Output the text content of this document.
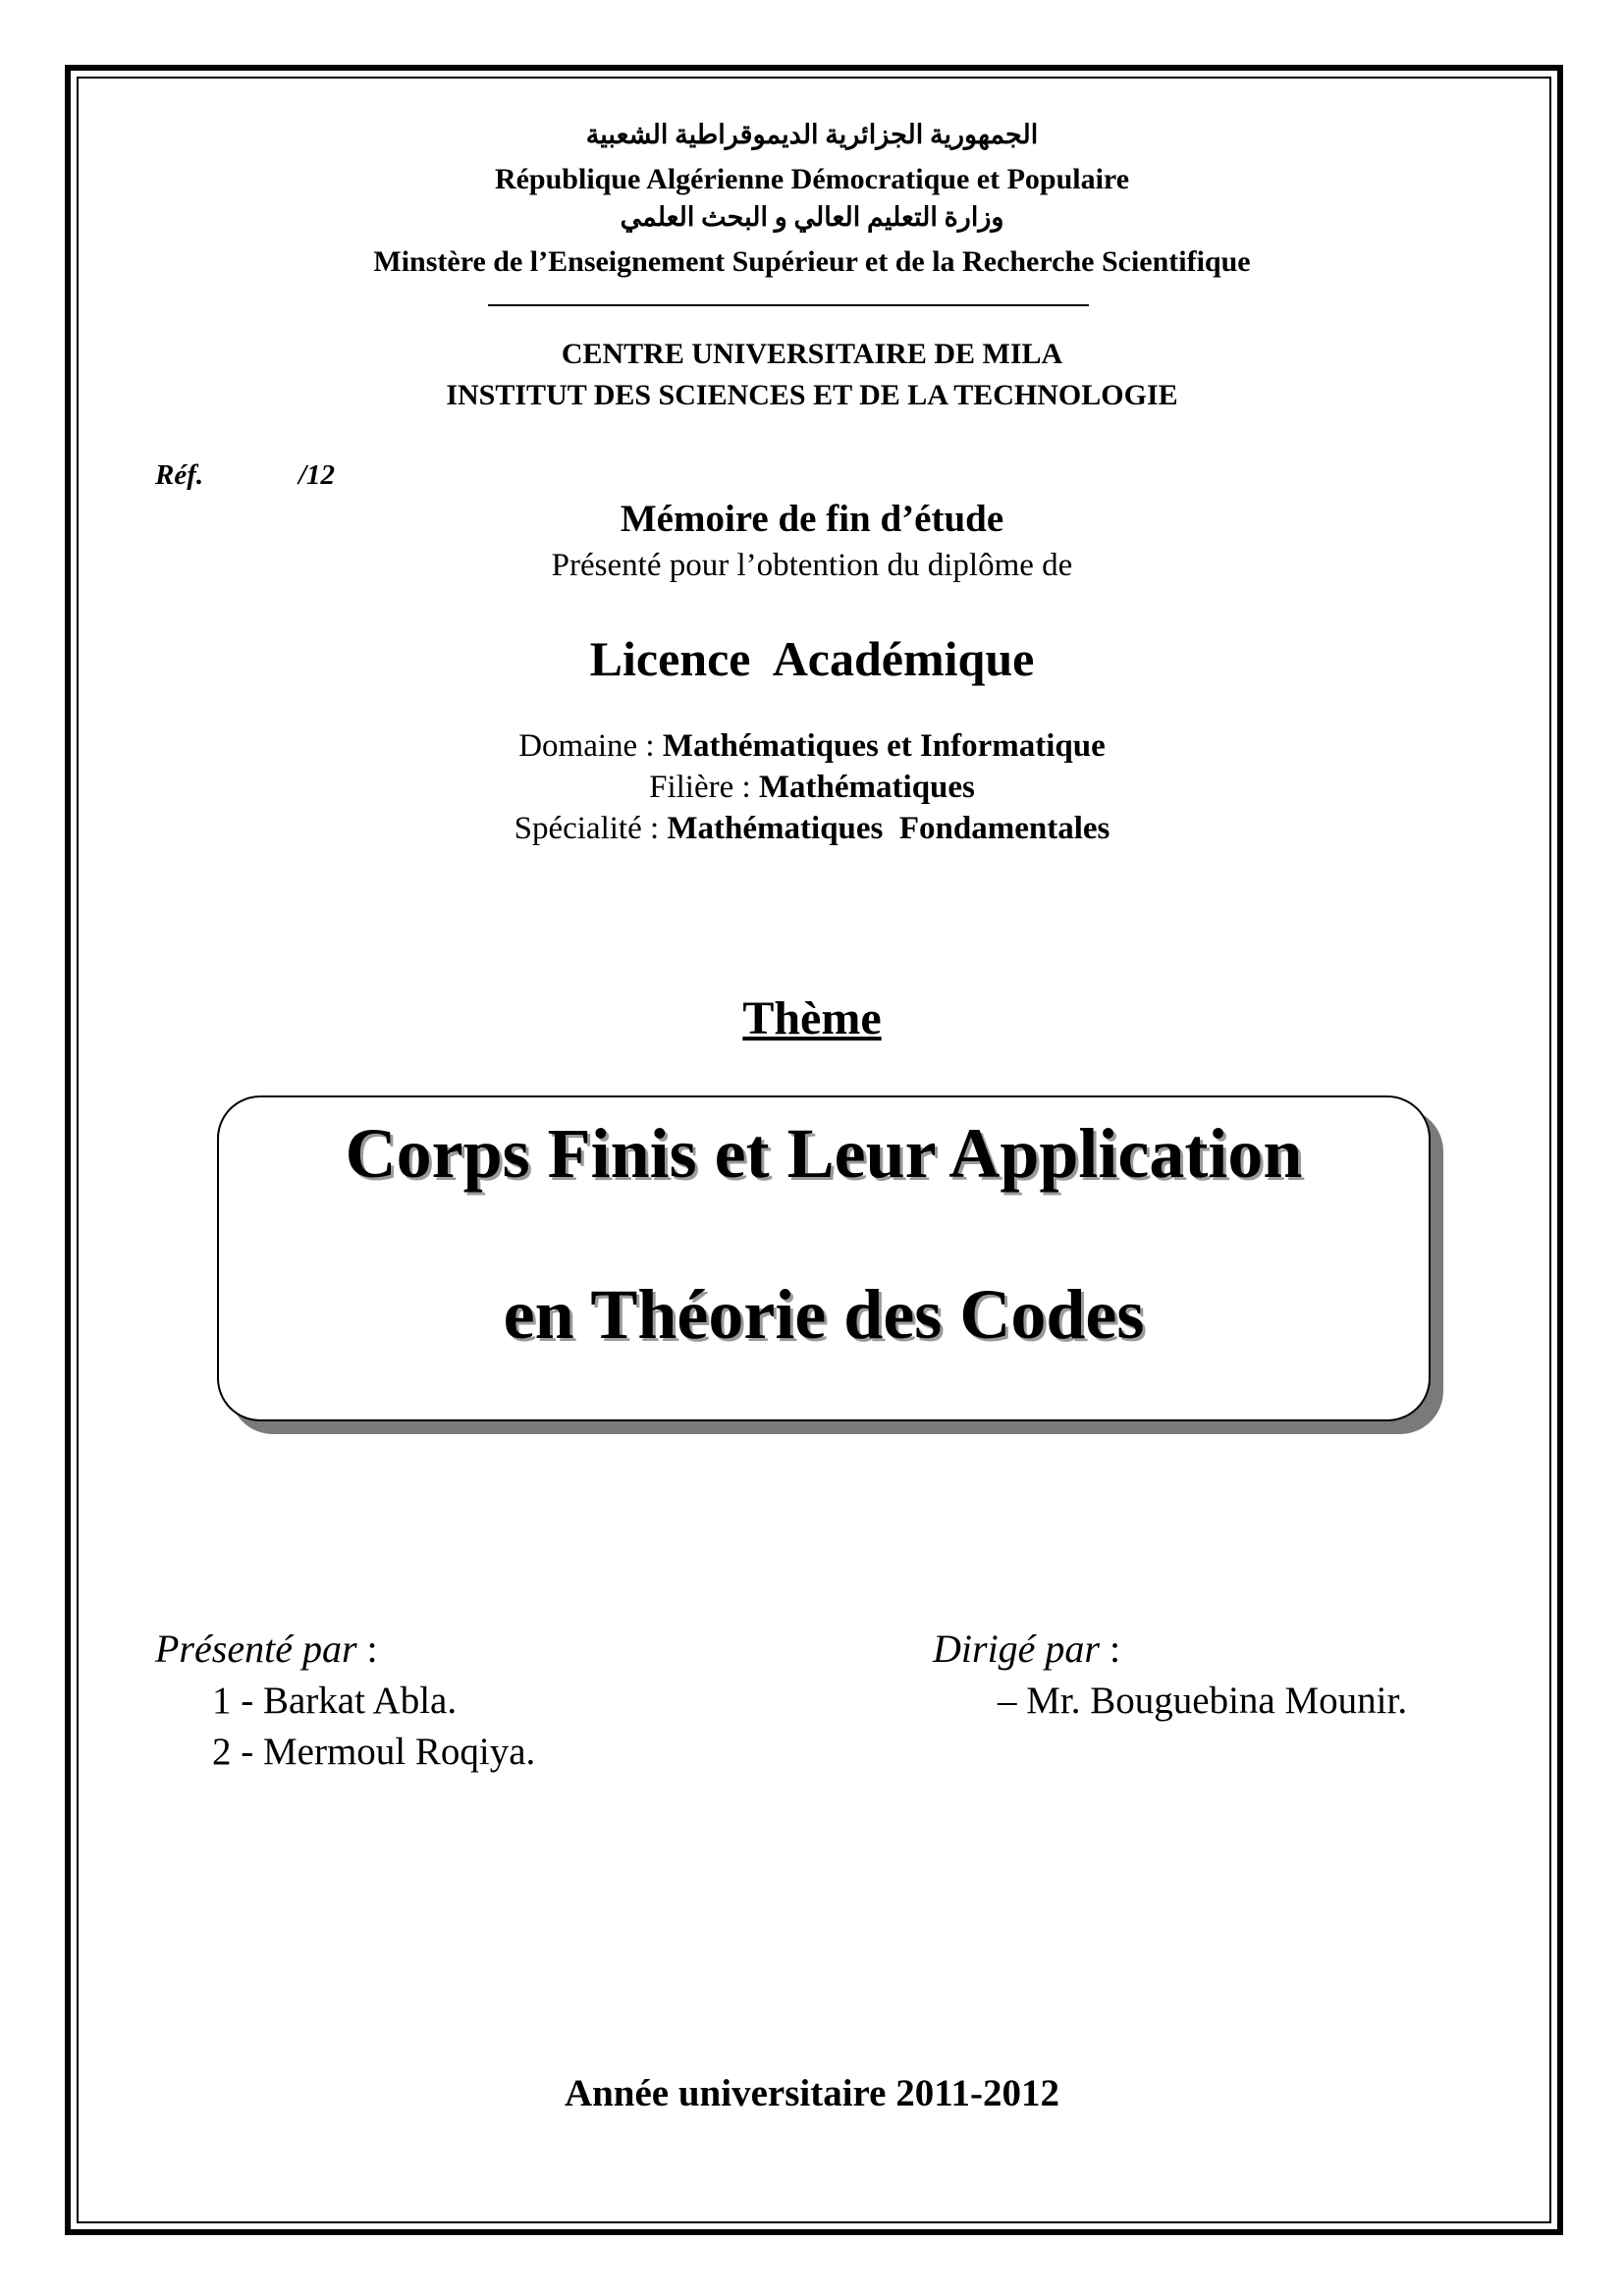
الجمهورية الجزائرية الديموقراطية الشعبية
République Algérienne Démocratique et Populaire
وزارة التعليم العالي و البحث العلمي
Minstère de l’Enseignement Supérieur et de la Recherche Scientifique
CENTRE UNIVERSITAIRE DE MILA
INSTITUT DES SCIENCES ET DE LA TECHNOLOGIE
Réf.	/12
Mémoire de fin d’étude
Présenté pour l’obtention du diplôme de
Licence  Académique
Domaine : Mathématiques et Informatique
Filière : Mathématiques
Spécialité : Mathématiques  Fondamentales
Thème
Corps Finis et Leur Application
en Théorie des Codes
Présenté par :
1 - Barkat Abla.
2 - Mermoul Roqiya.
Dirigé par :
– Mr. Bouguebina Mounir.
Année universitaire 2011-2012
